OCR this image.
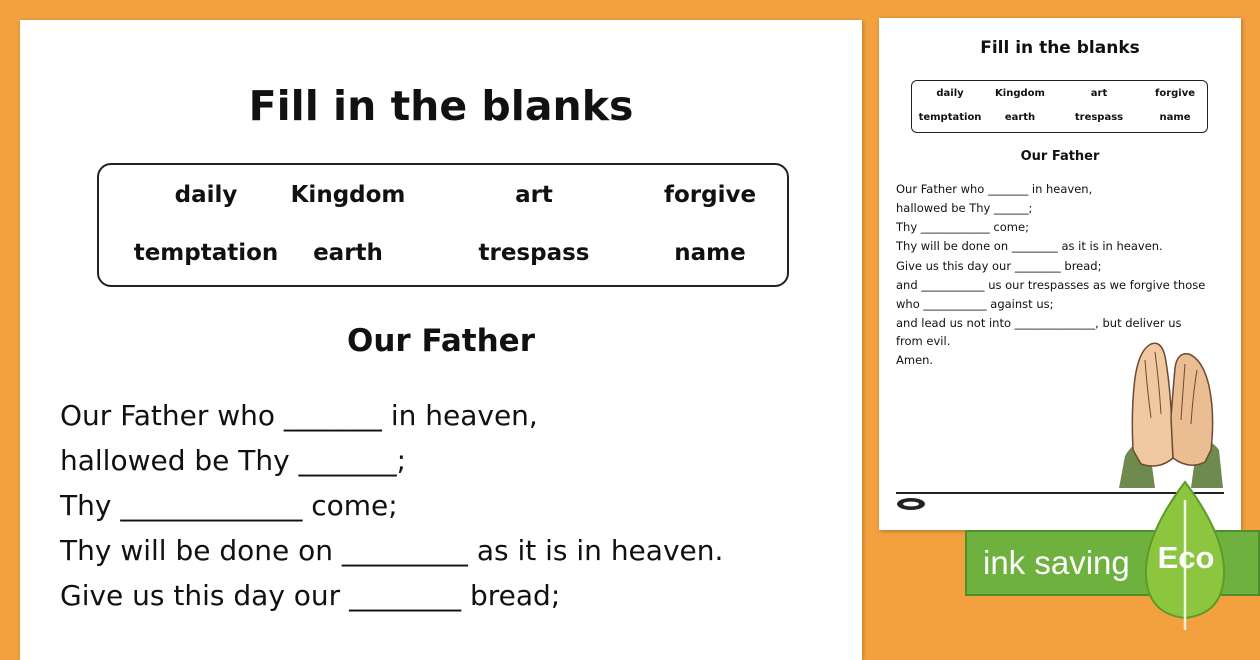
Fill in the blanks
daily	Kingdom	art	forgive
temptation	earth	trespass	name
Our Father
Our Father who _______ in heaven,
hallowed be Thy _______;
Thy _____________ come;
Thy will be done on _________ as it is in heaven.
Give us this day our ________ bread;
Fill in the blanks
daily	Kingdom	art	forgive
temptation	earth	trespass	name
Our Father
Our Father who _______ in heaven,
hallowed be Thy ______;
Thy ____________ come;
Thy will be done on ________ as it is in heaven.
Give us this day our ________ bread;
and ___________ us our trespasses as we forgive those
who ___________ against us;
and lead us not into ______________, but deliver us
from evil.
Amen.
ink saving Eco
